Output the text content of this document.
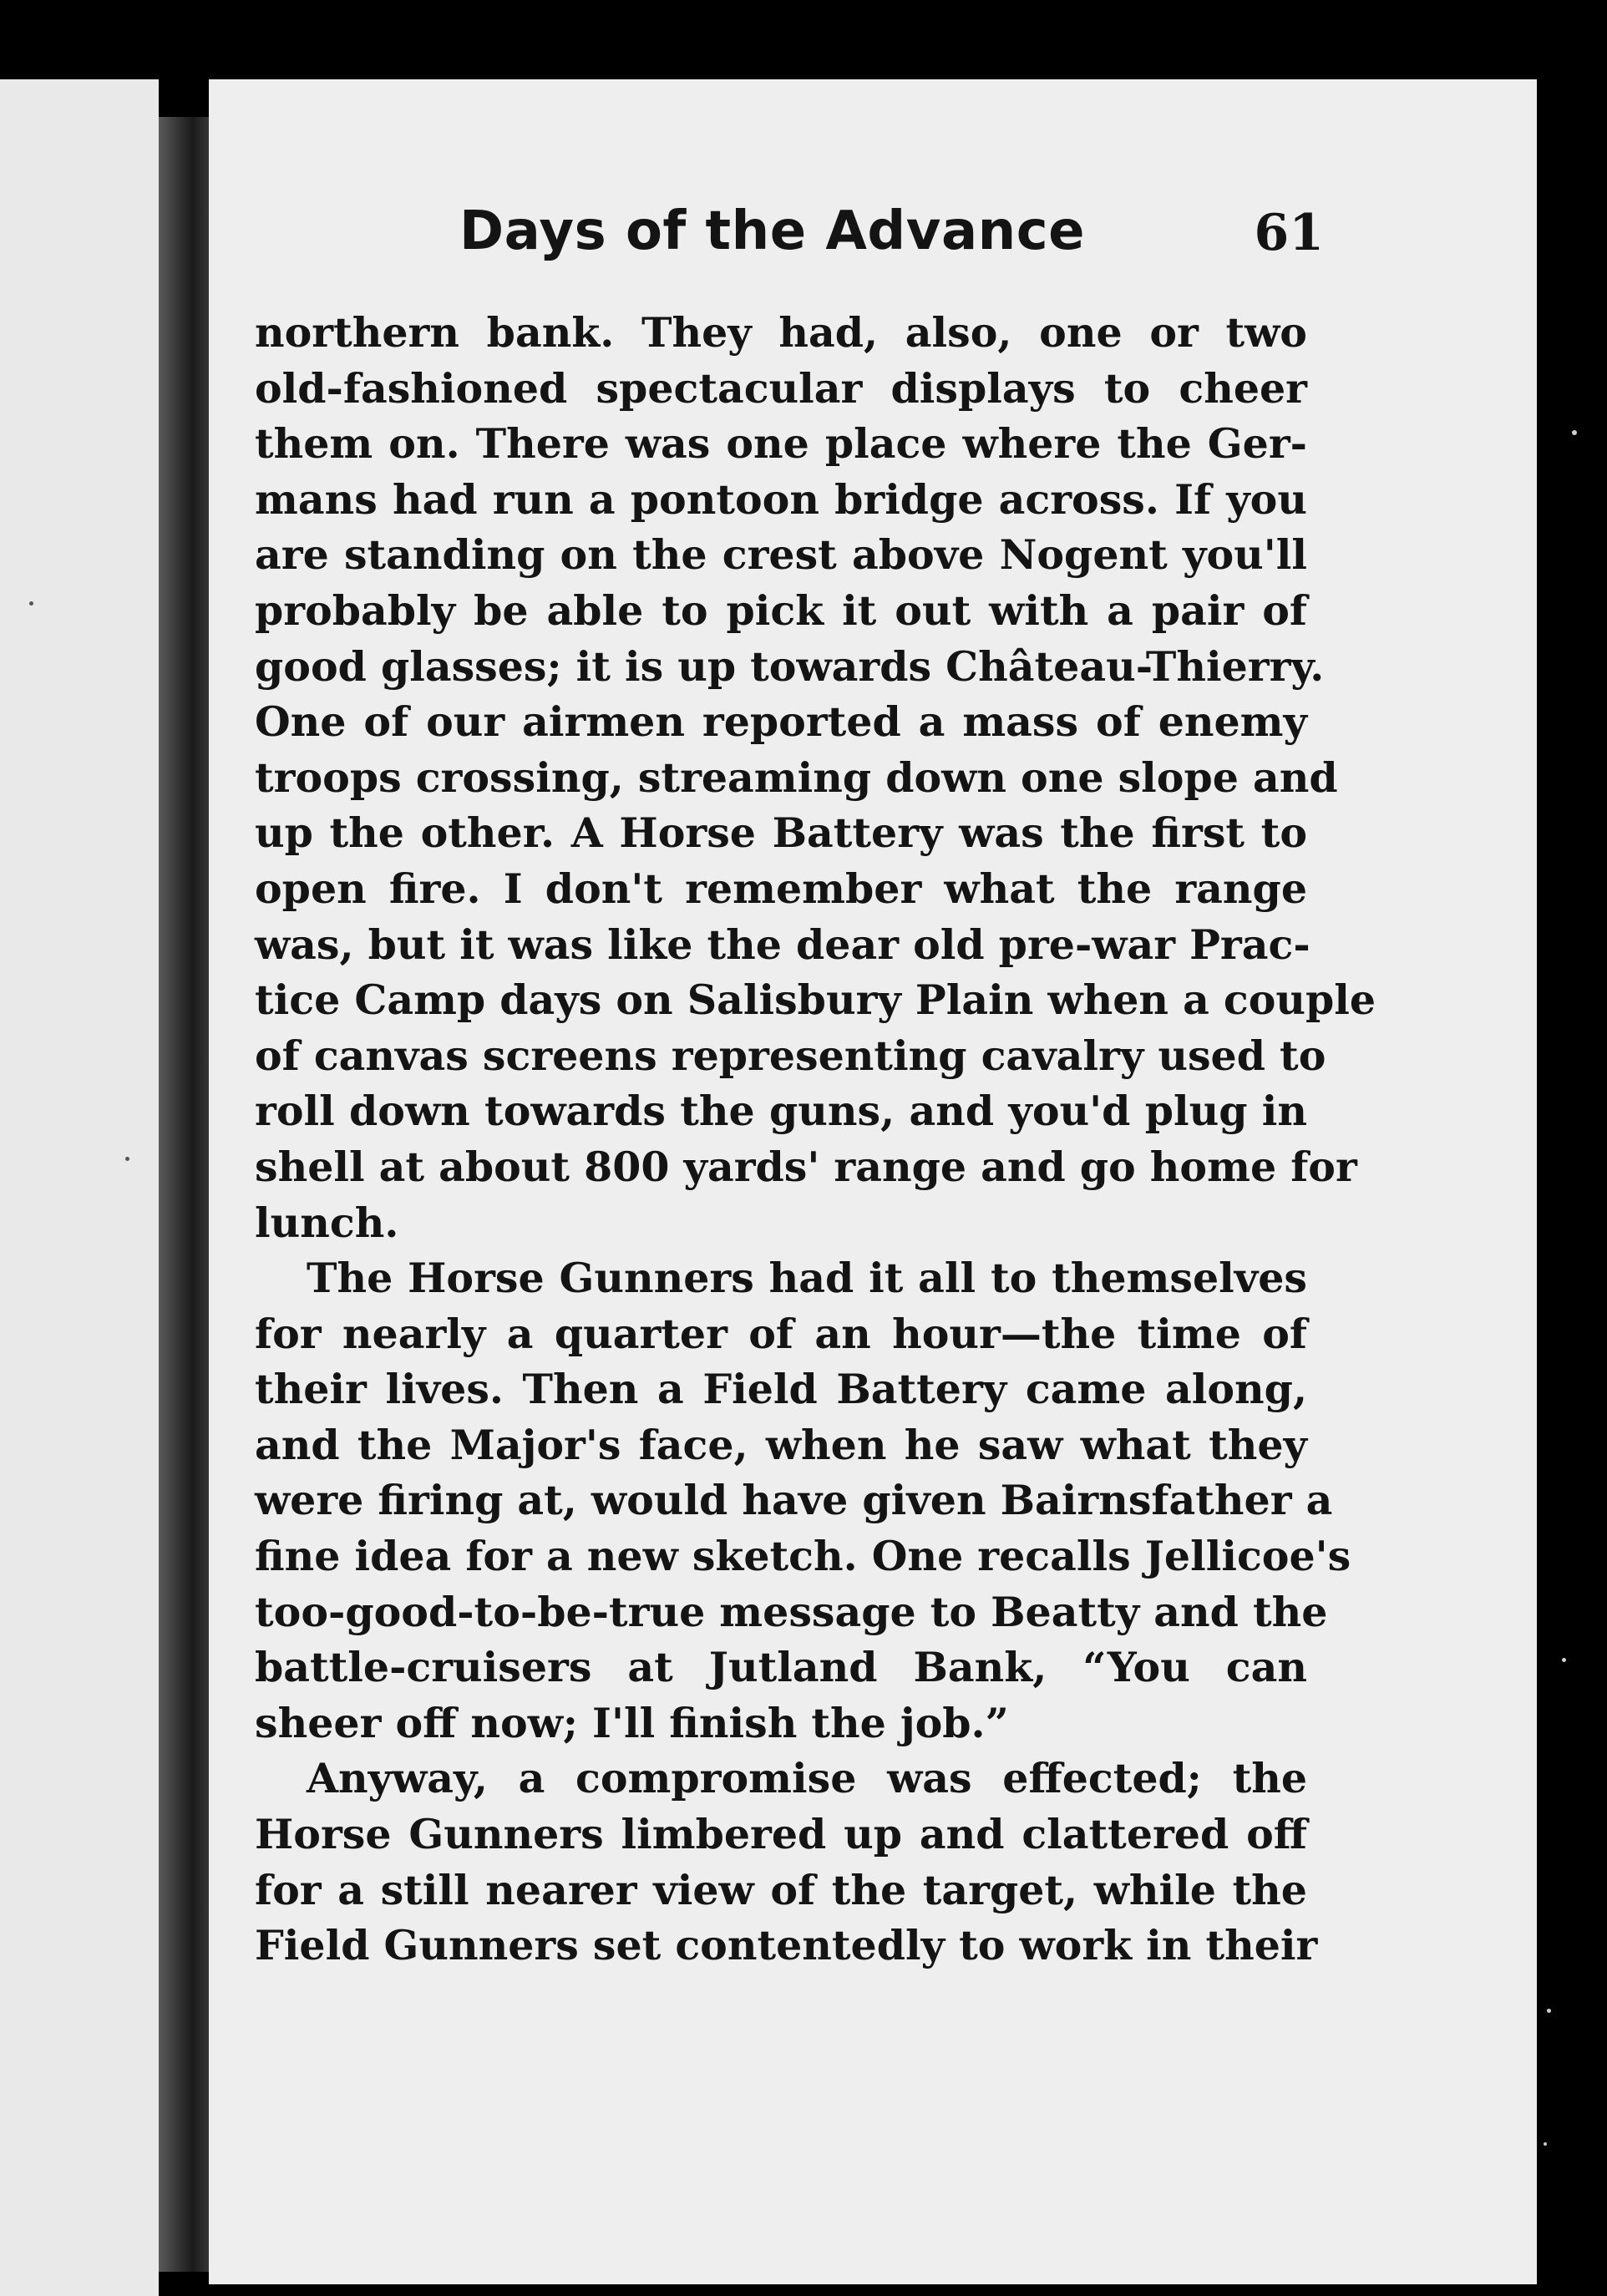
Days of the Advance	61
northern bank. They had, also, one or two
old-fashioned spectacular displays to cheer
them on. There was one place where the Ger-
mans had run a pontoon bridge across. If you
are standing on the crest above Nogent you'll
probably be able to pick it out with a pair of
good glasses; it is up towards Château-Thierry.
One of our airmen reported a mass of enemy
troops crossing, streaming down one slope and
up the other. A Horse Battery was the first to
open fire. I don't remember what the range
was, but it was like the dear old pre-war Prac-
tice Camp days on Salisbury Plain when a couple
of canvas screens representing cavalry used to
roll down towards the guns, and you'd plug in
shell at about 800 yards' range and go home for
lunch.
The Horse Gunners had it all to themselves
for nearly a quarter of an hour—the time of
their lives. Then a Field Battery came along,
and the Major's face, when he saw what they
were firing at, would have given Bairnsfather a
fine idea for a new sketch. One recalls Jellicoe's
too-good-to-be-true message to Beatty and the
battle-cruisers at Jutland Bank, “You can
sheer off now; I'll finish the job.”
Anyway, a compromise was effected; the
Horse Gunners limbered up and clattered off
for a still nearer view of the target, while the
Field Gunners set contentedly to work in their
